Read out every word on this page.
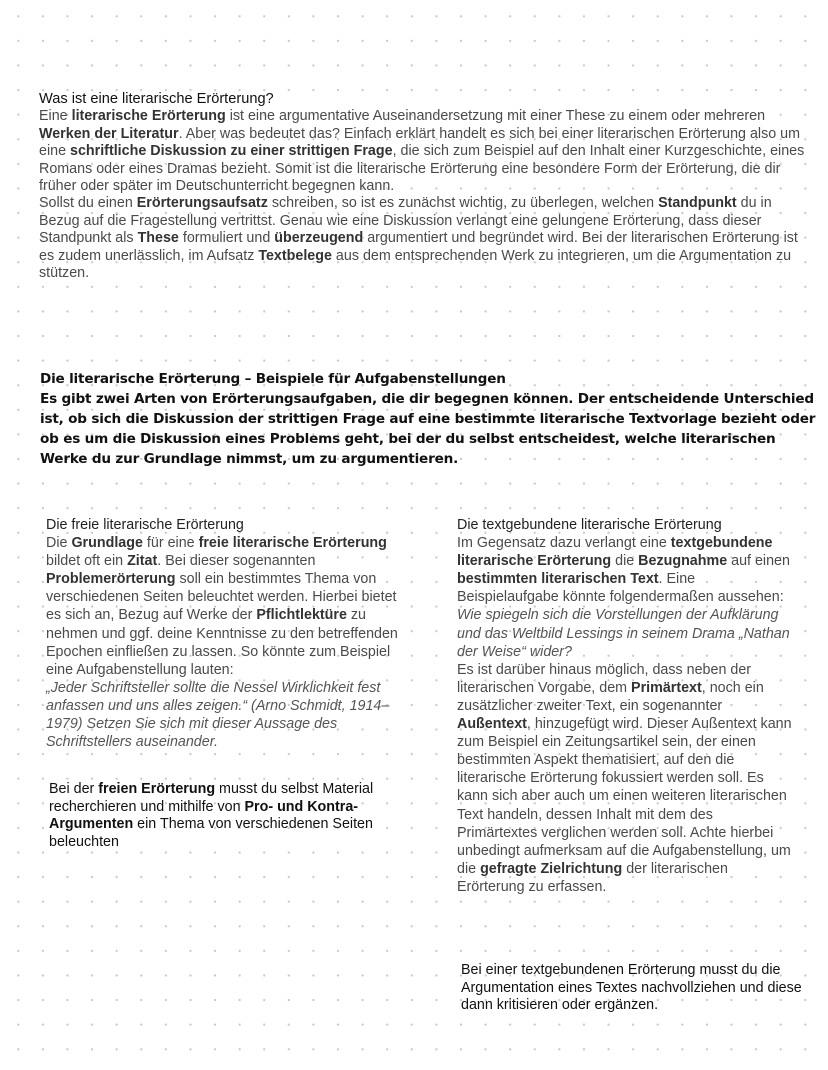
Was ist eine literarische Erörterung?

Eine literarische Erörterung ist eine argumentative Auseinandersetzung mit einer These zu einem oder mehreren Werken der Literatur. Aber was bedeutet das? Einfach erklärt handelt es sich bei einer literarischen Erörterung also um eine schriftliche Diskussion zu einer strittigen Frage, die sich zum Beispiel auf den Inhalt einer Kurzgeschichte, eines Romans oder eines Dramas bezieht. Somit ist die literarische Erörterung eine besondere Form der Erörterung, die dir früher oder später im Deutschunterricht begegnen kann.

Sollst du einen Erörterungsaufsatz schreiben, so ist es zunächst wichtig, zu überlegen, welchen Standpunkt du in Bezug auf die Fragestellung vertrittst. Genau wie eine Diskussion verlangt eine gelungene Erörterung, dass dieser Standpunkt als These formuliert und überzeugend argumentiert und begründet wird. Bei der literarischen Erörterung ist es zudem unerlässlich, im Aufsatz Textbelege aus dem entsprechenden Werk zu integrieren, um die Argumentation zu stützen.

Die literarische Erörterung – Beispiele für Aufgabenstellungen

Es gibt zwei Arten von Erörterungsaufgaben, die dir begegnen können. Der entscheidende Unterschied ist, ob sich die Diskussion der strittigen Frage auf eine bestimmte literarische Textvorlage bezieht oder ob es um die Diskussion eines Problems geht, bei der du selbst entscheidest, welche literarischen Werke du zur Grundlage nimmst, um zu argumentieren.

Die freie literarische Erörterung

Die Grundlage für eine freie literarische Erörterung bildet oft ein Zitat. Bei dieser sogenannten Problemerörterung soll ein bestimmtes Thema von verschiedenen Seiten beleuchtet werden. Hierbei bietet es sich an, Bezug auf Werke der Pflichtlektüre zu nehmen und ggf. deine Kenntnisse zu den betreffenden Epochen einfließen zu lassen. So könnte zum Beispiel eine Aufgabenstellung lauten:

„Jeder Schriftsteller sollte die Nessel Wirklichkeit fest anfassen und uns alles zeigen.“ (Arno Schmidt, 1914–1979) Setzen Sie sich mit dieser Aussage des Schriftstellers auseinander.

Bei der freien Erörterung musst du selbst Material recherchieren und mithilfe von Pro- und Kontra-Argumenten ein Thema von verschiedenen Seiten beleuchten

Die textgebundene literarische Erörterung

Im Gegensatz dazu verlangt eine textgebundene literarische Erörterung die Bezugnahme auf einen bestimmten literarischen Text. Eine Beispielaufgabe könnte folgendermaßen aussehen:

Wie spiegeln sich die Vorstellungen der Aufklärung und das Weltbild Lessings in seinem Drama „Nathan der Weise“ wider?

Es ist darüber hinaus möglich, dass neben der literarischen Vorgabe, dem Primärtext, noch ein zusätzlicher zweiter Text, ein sogenannter Außentext, hinzugefügt wird. Dieser Außentext kann zum Beispiel ein Zeitungsartikel sein, der einen bestimmten Aspekt thematisiert, auf den die literarische Erörterung fokussiert werden soll. Es kann sich aber auch um einen weiteren literarischen Text handeln, dessen Inhalt mit dem des Primärtextes verglichen werden soll. Achte hierbei unbedingt aufmerksam auf die Aufgabenstellung, um die gefragte Zielrichtung der literarischen Erörterung zu erfassen.

Bei einer textgebundenen Erörterung musst du die Argumentation eines Textes nachvollziehen und diese dann kritisieren oder ergänzen.
